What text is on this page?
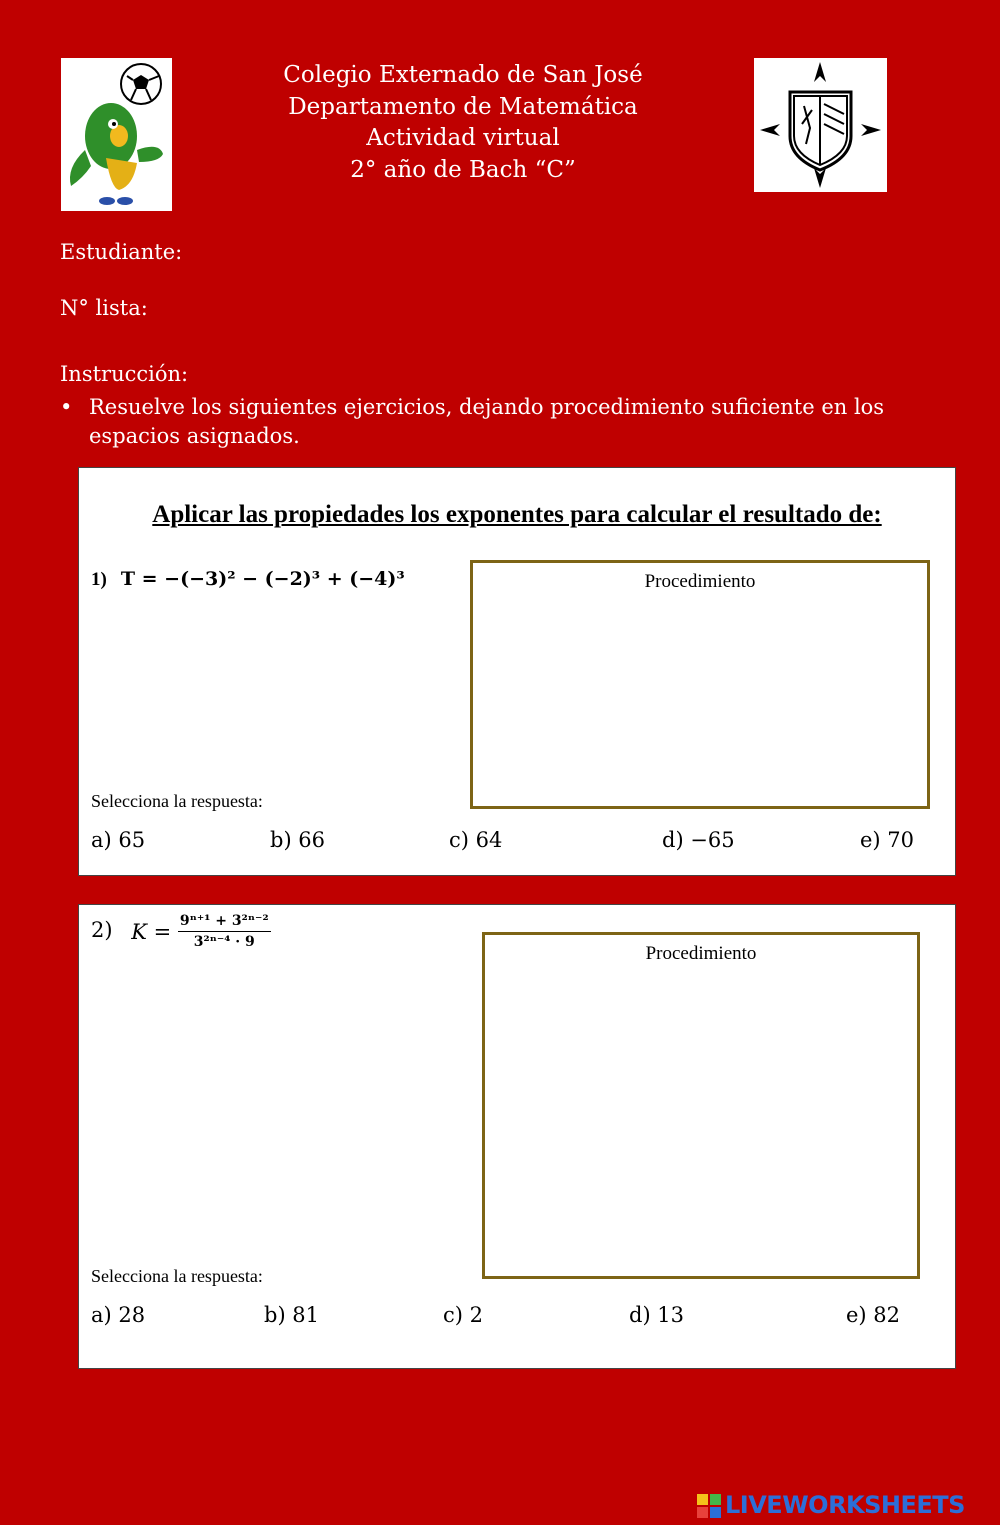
Colegio Externado de San José
Departamento de Matemática
Actividad virtual
2° año de Bach “C”
Estudiante:
N° lista:
Instrucción:
• Resuelve los siguientes ejercicios, dejando procedimiento suficiente en los espacios asignados.
Aplicar las propiedades los exponentes para calcular el resultado de:
1) T = −(−3)² − (−2)³ + (−4)³	Procedimiento
Selecciona la respuesta:
a) 65	b) 66	c) 64	d) −65	e) 70
2) $K = \frac{\text{9ⁿ⁺¹ + 3²ⁿ⁻²}}{\text{3²ⁿ⁻⁴ · 9}}$
Procedimiento
Selecciona la respuesta:
a) 28	b) 81	c) 2	d) 13	e) 82
LIVEWORKSHEETS
